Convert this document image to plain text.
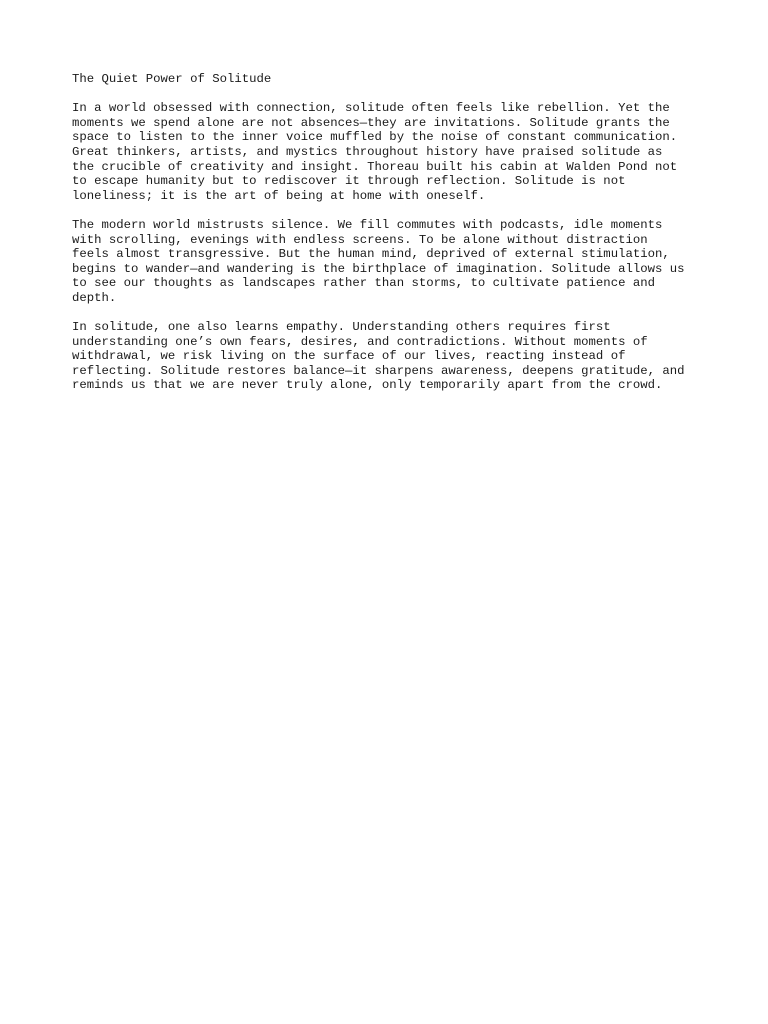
The Quiet Power of Solitude
In a world obsessed with connection, solitude often feels like rebellion. Yet the
moments we spend alone are not absences—they are invitations. Solitude grants the
space to listen to the inner voice muffled by the noise of constant communication.
Great thinkers, artists, and mystics throughout history have praised solitude as
the crucible of creativity and insight. Thoreau built his cabin at Walden Pond not
to escape humanity but to rediscover it through reflection. Solitude is not
loneliness; it is the art of being at home with oneself.
The modern world mistrusts silence. We fill commutes with podcasts, idle moments
with scrolling, evenings with endless screens. To be alone without distraction
feels almost transgressive. But the human mind, deprived of external stimulation,
begins to wander—and wandering is the birthplace of imagination. Solitude allows us
to see our thoughts as landscapes rather than storms, to cultivate patience and
depth.
In solitude, one also learns empathy. Understanding others requires first
understanding one’s own fears, desires, and contradictions. Without moments of
withdrawal, we risk living on the surface of our lives, reacting instead of
reflecting. Solitude restores balance—it sharpens awareness, deepens gratitude, and
reminds us that we are never truly alone, only temporarily apart from the crowd.
